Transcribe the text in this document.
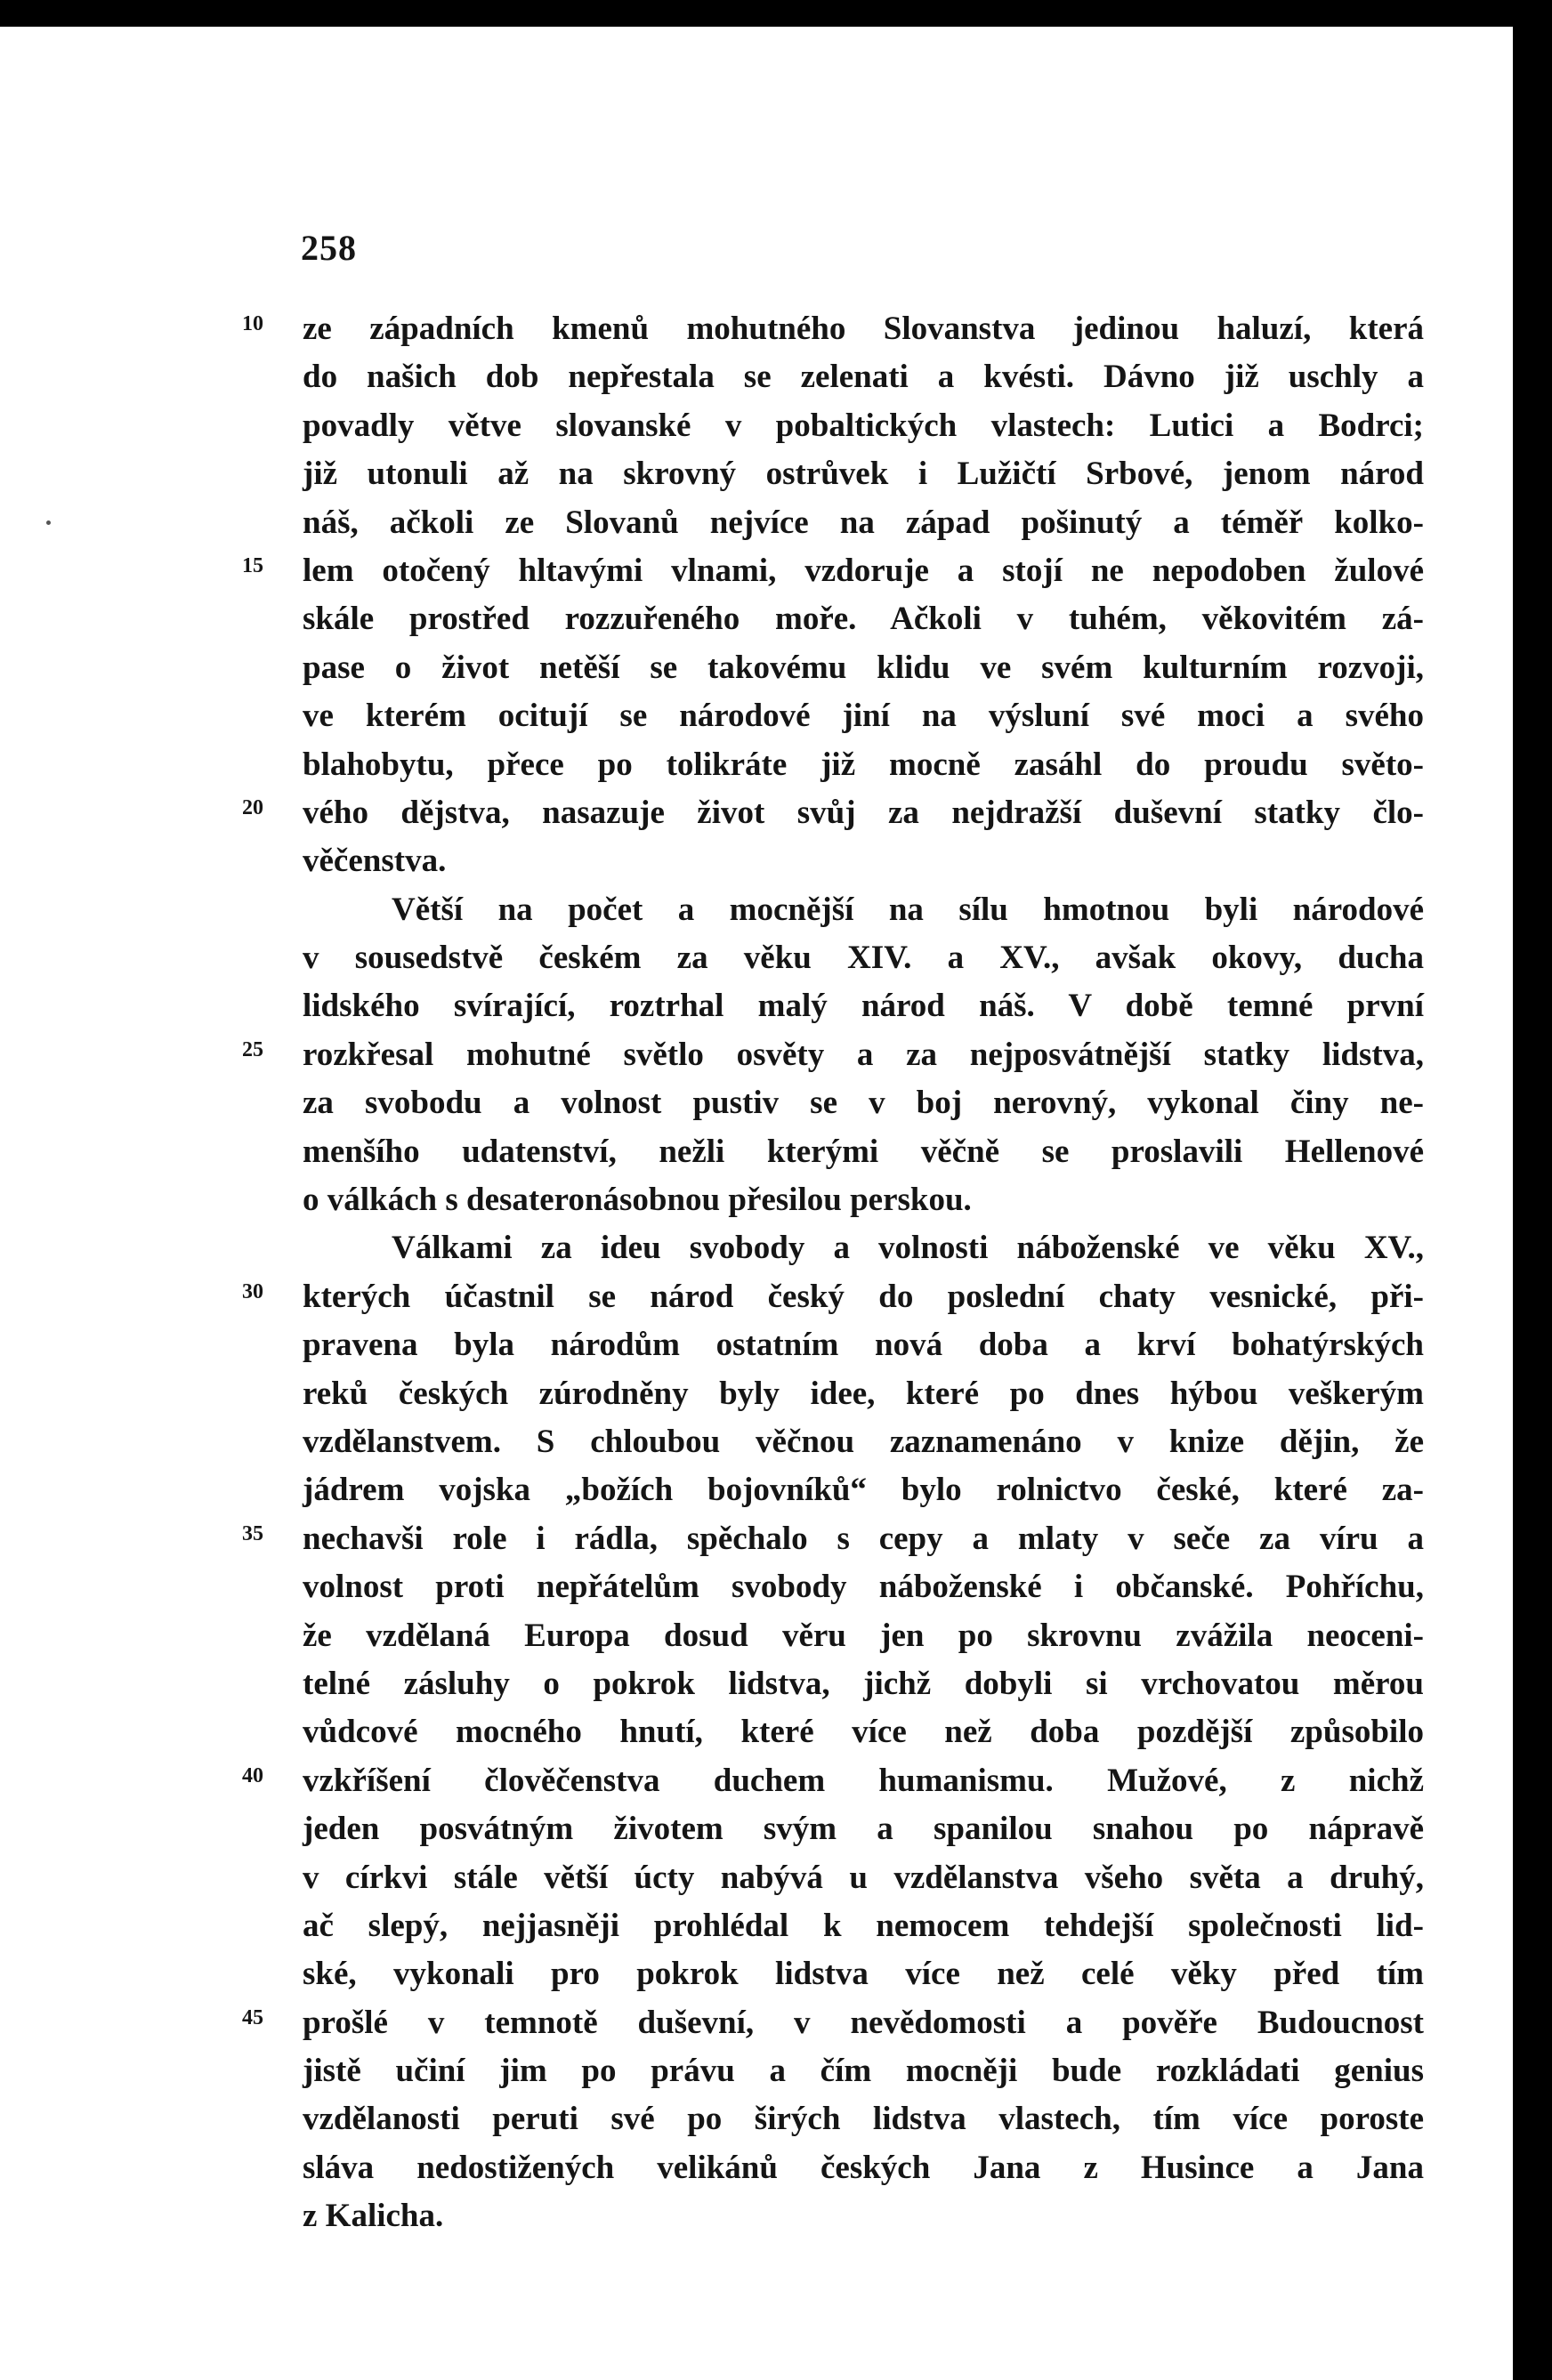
258
10 ze západních kmenů mohutného Slovanstva jedinou haluzí, která
do našich dob nepřestala se zelenati a kvésti. Dávno již uschly a
povadly větve slovanské v pobaltických vlastech: Lutici a Bodrci;
již utonuli až na skrovný ostrůvek i Lužičtí Srbové, jenom národ
náš, ačkoli ze Slovanů nejvíce na západ pošinutý a téměř kolko-
15 lem otočený hltavými vlnami, vzdoruje a stojí ne nepodoben žulové
skále prostřed rozzuřeného moře. Ačkoli v tuhém, věkovitém zá-
pase o život netěší se takovému klidu ve svém kulturním rozvoji,
ve kterém ocitují se národové jiní na výsluní své moci a svého
blahobytu, přece po tolikráte již mocně zasáhl do proudu světo-
20 vého dějstva, nasazuje život svůj za nejdražší duševní statky člo-
věčenstva.
Větší na počet a mocnější na sílu hmotnou byli národové
v sousedstvě českém za věku XIV. a XV., avšak okovy, ducha
lidského svírající, roztrhal malý národ náš. V době temné první
25 rozkřesal mohutné světlo osvěty a za nejposvátnější statky lidstva,
za svobodu a volnost pustiv se v boj nerovný, vykonal činy ne-
menšího udatenství, nežli kterými věčně se proslavili Hellenové
o válkách s desateronásobnou přesilou perskou.
Válkami za ideu svobody a volnosti náboženské ve věku XV.,
30 kterých účastnil se národ český do poslední chaty vesnické, při-
pravena byla národům ostatním nová doba a krví bohatýrských
reků českých zúrodněny byly idee, které po dnes hýbou veškerým
vzdělanstvem. S chloubou věčnou zaznamenáno v knize dějin, že
jádrem vojska „božích bojovníků“ bylo rolnictvo české, které za-
35 nechavši role i rádla, spěchalo s cepy a mlaty v seče za víru a
volnost proti nepřátelům svobody náboženské i občanské. Pohříchu,
že vzdělaná Europa dosud věru jen po skrovnu zvážila neoceni-
telné zásluhy o pokrok lidstva, jichž dobyli si vrchovatou měrou
vůdcové mocného hnutí, které více než doba pozdější způsobilo
40 vzkříšení člověčenstva duchem humanismu. Mužové, z nichž
jeden posvátným životem svým a spanilou snahou po nápravě
v církvi stále větší úcty nabývá u vzdělanstva všeho světa a druhý,
ač slepý, nejjasněji prohlédal k nemocem tehdejší společnosti lid-
ské, vykonali pro pokrok lidstva více než celé věky před tím
45 prošlé v temnotě duševní, v nevědomosti a pověře Budoucnost
jistě učiní jim po právu a čím mocněji bude rozkládati genius
vzdělanosti peruti své po širých lidstva vlastech, tím více poroste
sláva nedostižených velikánů českých Jana z Husince a Jana
z Kalicha.
